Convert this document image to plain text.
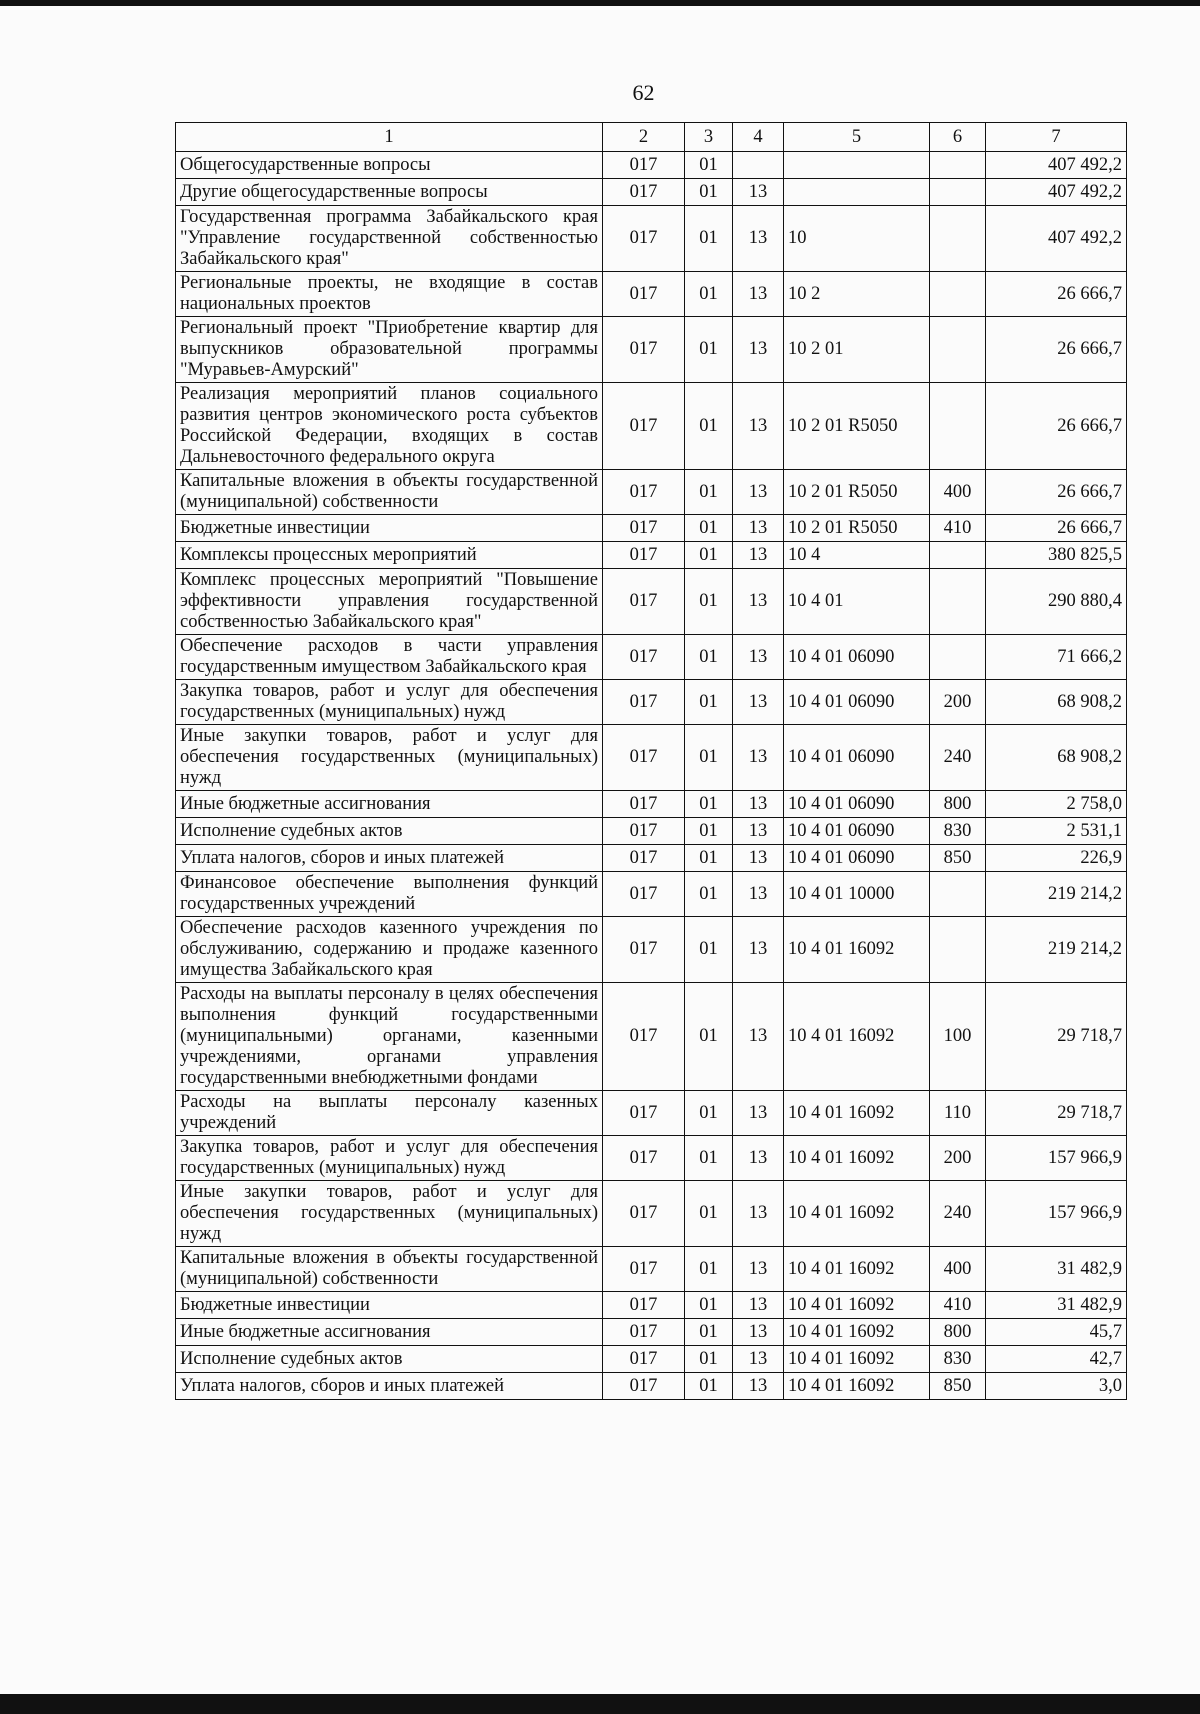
62
1	2	3	4	5	6	7
Общегосударственные вопросы	017	01				407 492,2
Другие общегосударственные вопросы	017	01	13			407 492,2
Государственная программа Забайкальского края "Управление государственной собственностью Забайкальского края"	017	01	13	10		407 492,2
Региональные проекты, не входящие в состав национальных проектов	017	01	13	10 2		26 666,7
Региональный проект "Приобретение квартир для выпускников образовательной программы "Муравьев-Амурский"	017	01	13	10 2 01		26 666,7
Реализация мероприятий планов социального развития центров экономического роста субъектов Российской Федерации, входящих в состав Дальневосточного федерального округа	017	01	13	10 2 01 R5050		26 666,7
Капитальные вложения в объекты государственной (муниципальной) собственности	017	01	13	10 2 01 R5050	400	26 666,7
Бюджетные инвестиции	017	01	13	10 2 01 R5050	410	26 666,7
Комплексы процессных мероприятий	017	01	13	10 4		380 825,5
Комплекс процессных мероприятий "Повышение эффективности управления государственной собственностью Забайкальского края"	017	01	13	10 4 01		290 880,4
Обеспечение расходов в части управления государственным имуществом Забайкальского края	017	01	13	10 4 01 06090		71 666,2
Закупка товаров, работ и услуг для обеспечения государственных (муниципальных) нужд	017	01	13	10 4 01 06090	200	68 908,2
Иные закупки товаров, работ и услуг для обеспечения государственных (муниципальных) нужд	017	01	13	10 4 01 06090	240	68 908,2
Иные бюджетные ассигнования	017	01	13	10 4 01 06090	800	2 758,0
Исполнение судебных актов	017	01	13	10 4 01 06090	830	2 531,1
Уплата налогов, сборов и иных платежей	017	01	13	10 4 01 06090	850	226,9
Финансовое обеспечение выполнения функций государственных учреждений	017	01	13	10 4 01 10000		219 214,2
Обеспечение расходов казенного учреждения по обслуживанию, содержанию и продаже казенного имущества Забайкальского края	017	01	13	10 4 01 16092		219 214,2
Расходы на выплаты персоналу в целях обеспечения выполнения функций государственными (муниципальными) органами, казенными учреждениями, органами управления государственными внебюджетными фондами	017	01	13	10 4 01 16092	100	29 718,7
Расходы на выплаты персоналу казенных учреждений	017	01	13	10 4 01 16092	110	29 718,7
Закупка товаров, работ и услуг для обеспечения государственных (муниципальных) нужд	017	01	13	10 4 01 16092	200	157 966,9
Иные закупки товаров, работ и услуг для обеспечения государственных (муниципальных) нужд	017	01	13	10 4 01 16092	240	157 966,9
Капитальные вложения в объекты государственной (муниципальной) собственности	017	01	13	10 4 01 16092	400	31 482,9
Бюджетные инвестиции	017	01	13	10 4 01 16092	410	31 482,9
Иные бюджетные ассигнования	017	01	13	10 4 01 16092	800	45,7
Исполнение судебных актов	017	01	13	10 4 01 16092	830	42,7
Уплата налогов, сборов и иных платежей	017	01	13	10 4 01 16092	850	3,0
